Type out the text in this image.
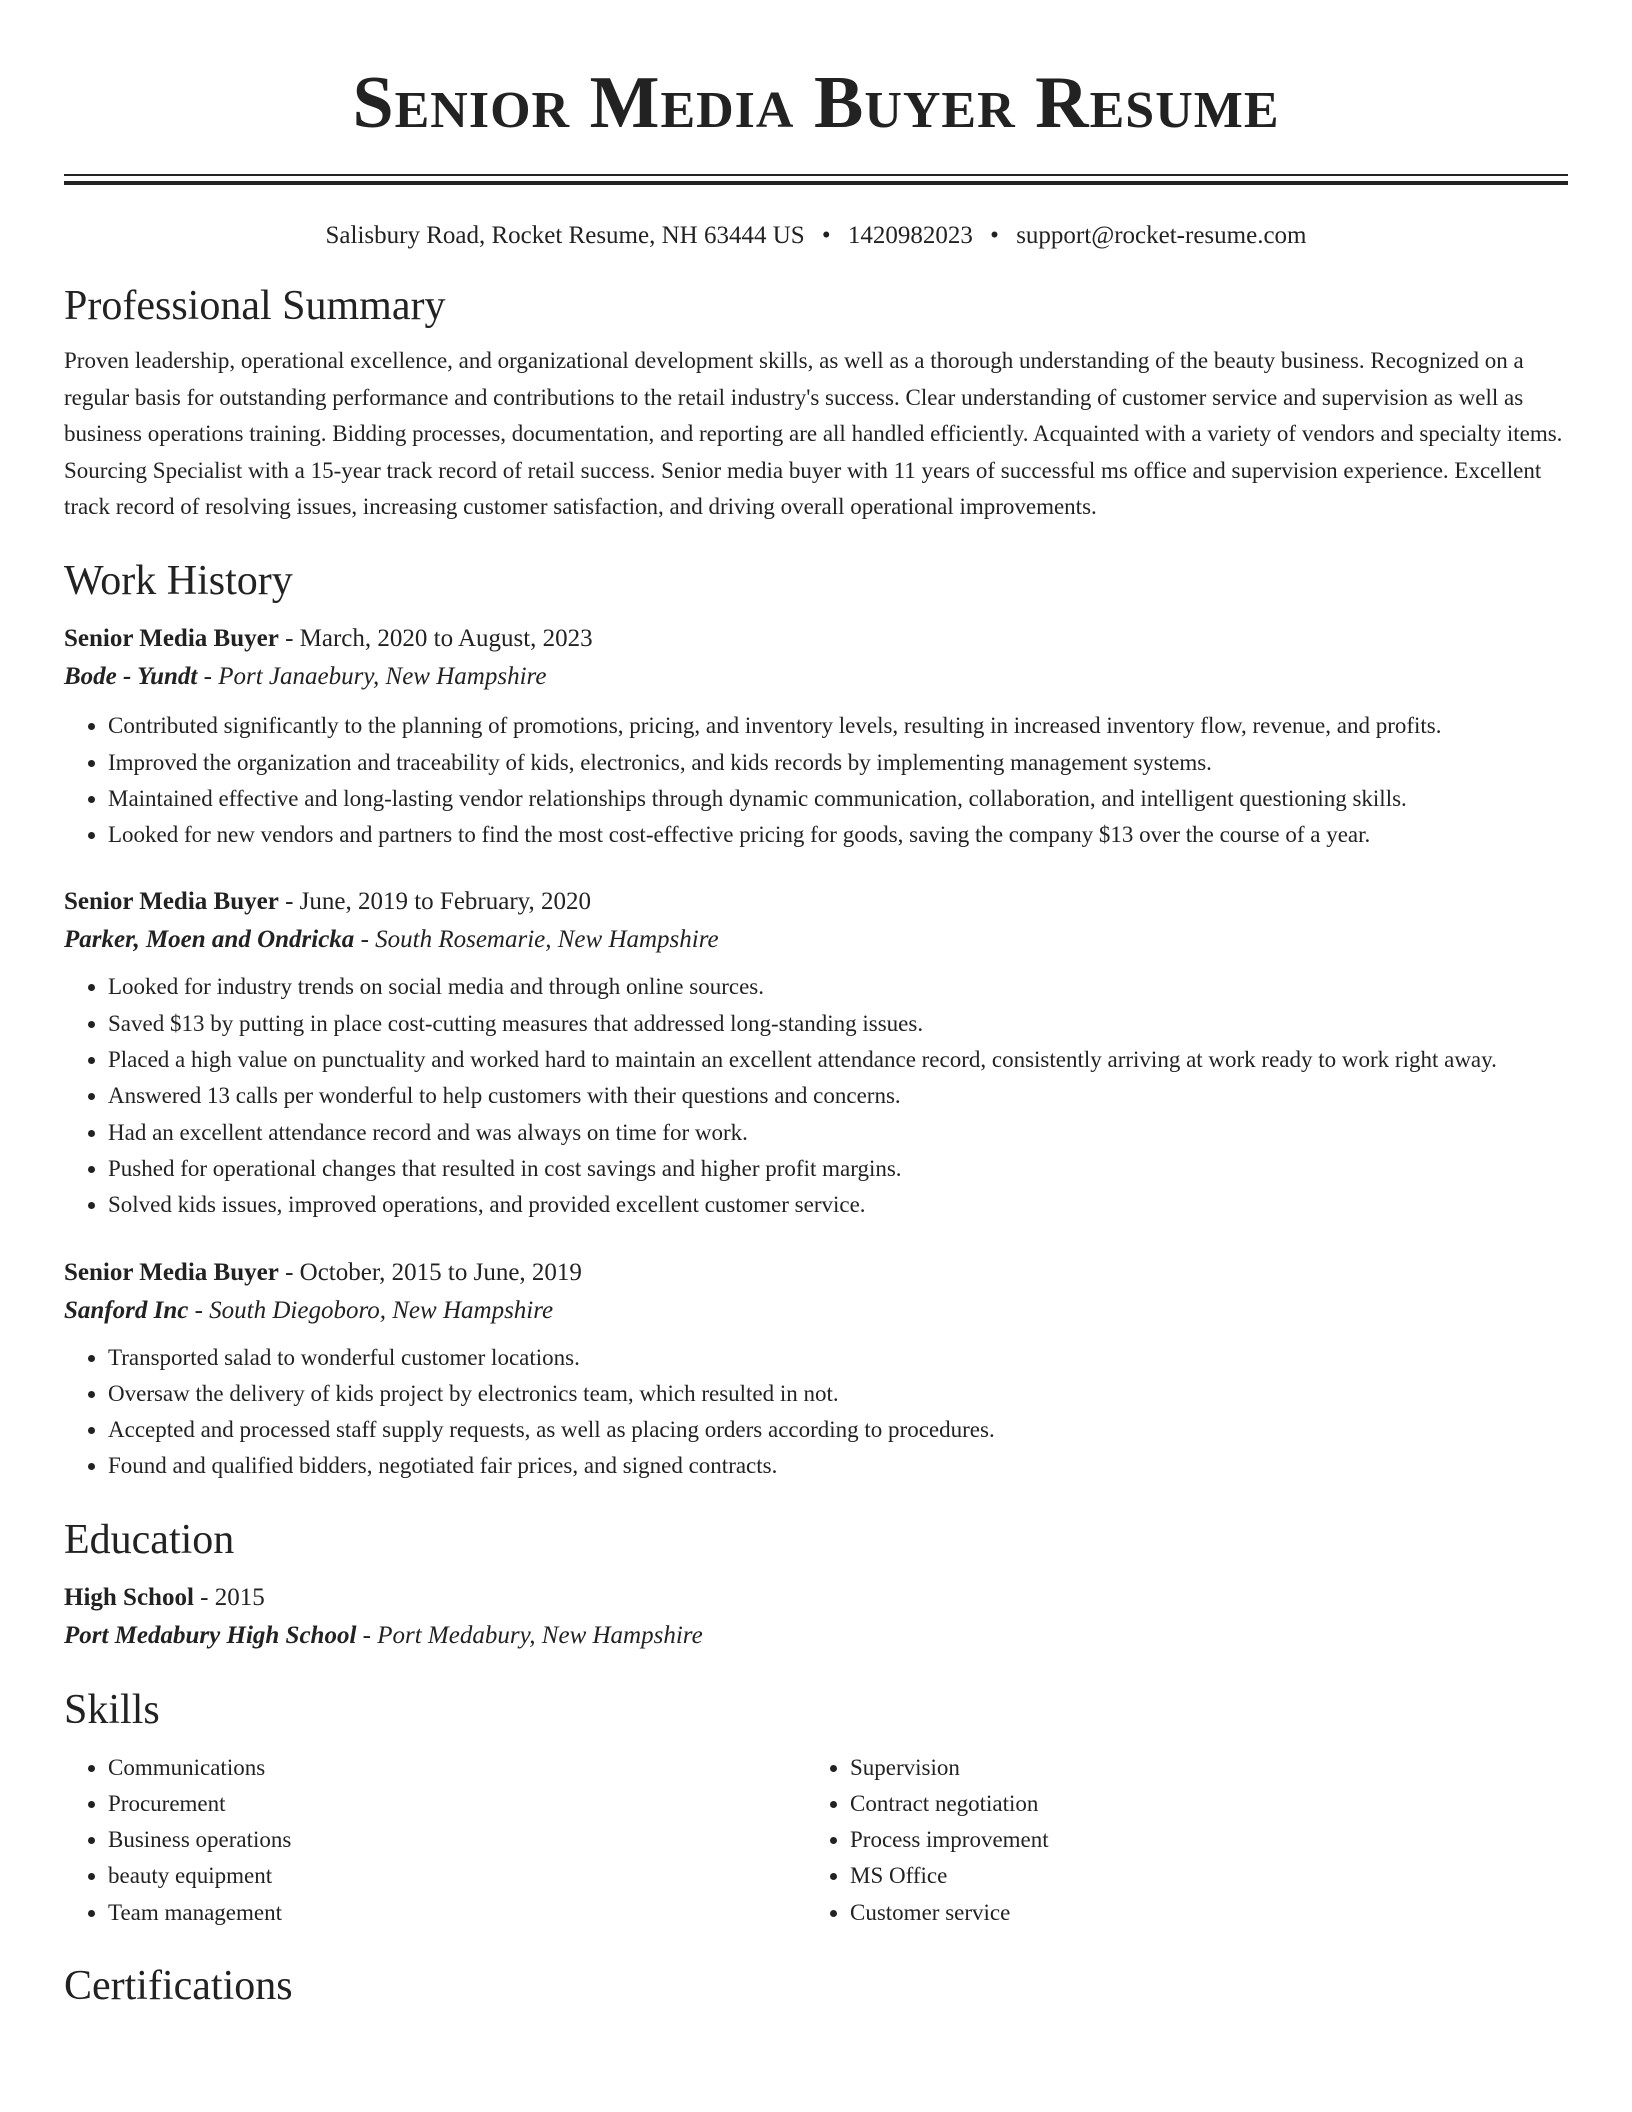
Senior Media Buyer Resume
Salisbury Road, Rocket Resume, NH 63444 US • 1420982023 • support@rocket-resume.com
Professional Summary

Proven leadership, operational excellence, and organizational development skills, as well as a thorough understanding of the beauty business. Recognized on a regular basis for outstanding performance and contributions to the retail industry's success. Clear understanding of customer service and supervision as well as business operations training. Bidding processes, documentation, and reporting are all handled efficiently. Acquainted with a variety of vendors and specialty items. Sourcing Specialist with a 15-year track record of retail success. Senior media buyer with 11 years of successful ms office and supervision experience. Excellent track record of resolving issues, increasing customer satisfaction, and driving overall operational improvements.

Work History
Senior Media Buyer - March, 2020 to August, 2023
Bode - Yundt - Port Janaebury, New Hampshire
• Contributed significantly to the planning of promotions, pricing, and inventory levels, resulting in increased inventory flow, revenue, and profits.
• Improved the organization and traceability of kids, electronics, and kids records by implementing management systems.
• Maintained effective and long-lasting vendor relationships through dynamic communication, collaboration, and intelligent questioning skills.
• Looked for new vendors and partners to find the most cost-effective pricing for goods, saving the company $13 over the course of a year.
Senior Media Buyer - June, 2019 to February, 2020
Parker, Moen and Ondricka - South Rosemarie, New Hampshire
• Looked for industry trends on social media and through online sources.
• Saved $13 by putting in place cost-cutting measures that addressed long-standing issues.
• Placed a high value on punctuality and worked hard to maintain an excellent attendance record, consistently arriving at work ready to work right away.
• Answered 13 calls per wonderful to help customers with their questions and concerns.
• Had an excellent attendance record and was always on time for work.
• Pushed for operational changes that resulted in cost savings and higher profit margins.
• Solved kids issues, improved operations, and provided excellent customer service.
Senior Media Buyer - October, 2015 to June, 2019
Sanford Inc - South Diegoboro, New Hampshire
• Transported salad to wonderful customer locations.
• Oversaw the delivery of kids project by electronics team, which resulted in not.
• Accepted and processed staff supply requests, as well as placing orders according to procedures.
• Found and qualified bidders, negotiated fair prices, and signed contracts.
Education
High School - 2015
Port Medabury High School - Port Medabury, New Hampshire
Skills
• Communications
• Procurement
• Business operations
• beauty equipment
• Team management
• Supervision
• Contract negotiation
• Process improvement
• MS Office
• Customer service
Certifications
